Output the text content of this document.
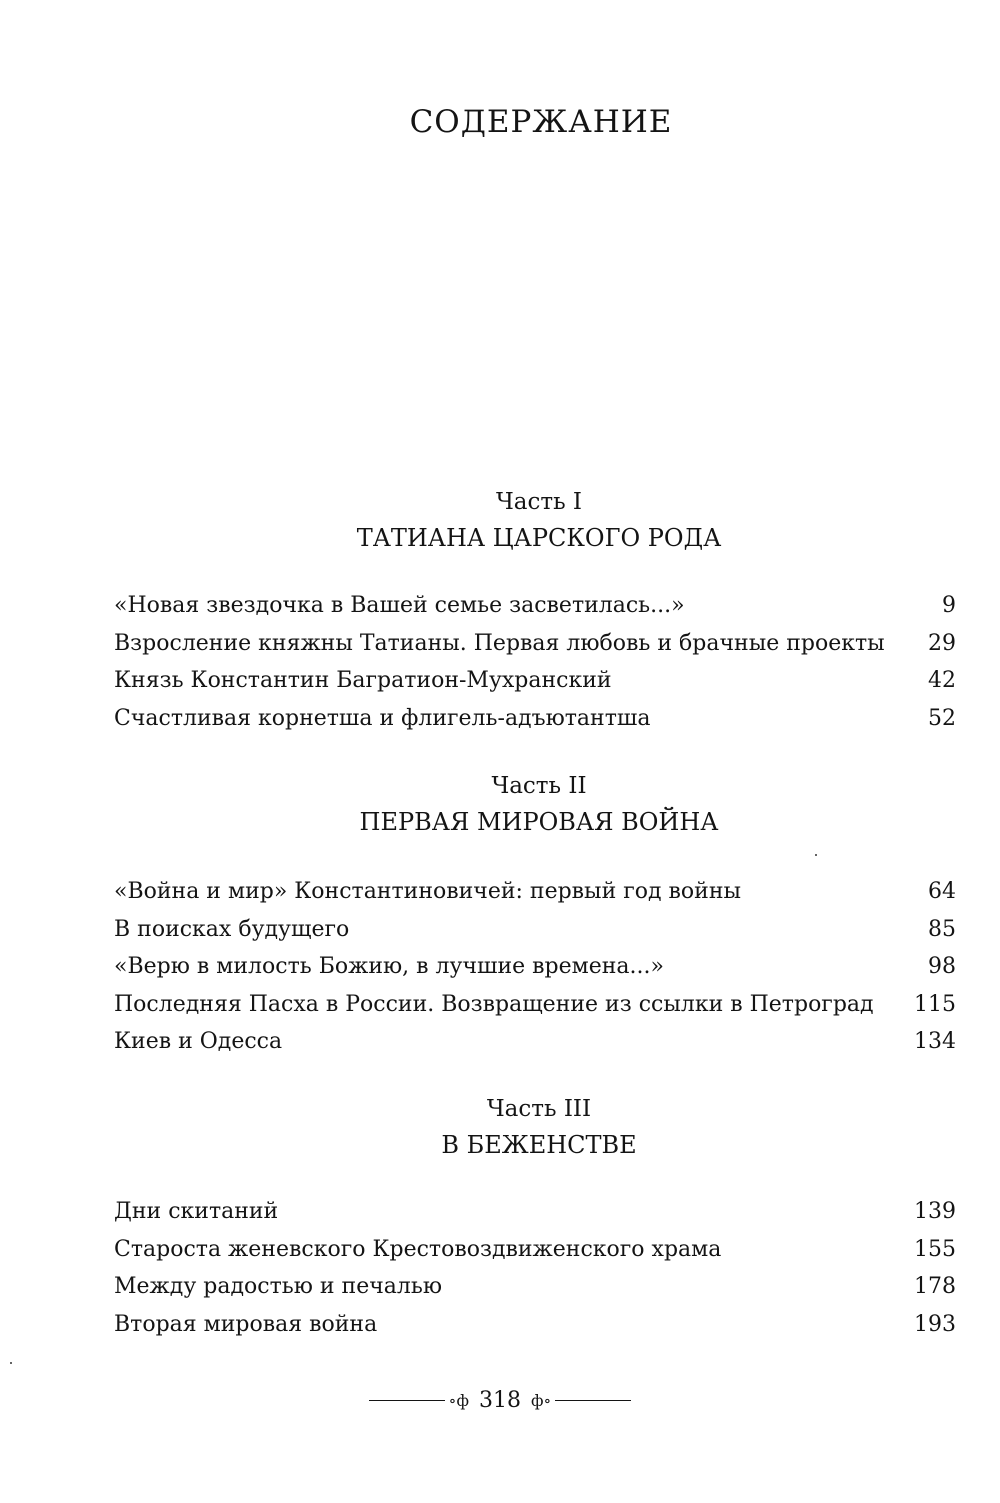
СОДЕРЖАНИЕ
Часть I
ТАТИАНА ЦАРСКОГО РОДА
«Новая звездочка в Вашей семье засветилась...»	9
Взросление княжны Татианы. Первая любовь и брачные проекты	29
Князь Константин Багратион-Мухранский	42
Счастливая корнетша и флигель-адъютантша	52
Часть II
ПЕРВАЯ МИРОВАЯ ВОЙНА
«Война и мир» Константиновичей: первый год войны	64
В поисках будущего	85
«Верю в милость Божию, в лучшие времена...»	98
Последняя Пасха в России. Возвращение из ссылки в Петроград	115
Киев и Одесса	134
Часть III
В БЕЖЕНСТВЕ
Дни скитаний	139
Староста женевского Крестовоздвиженского храма	155
Между радостью и печалью	178
Вторая мировая война	193
∘ф 318 ф∘
